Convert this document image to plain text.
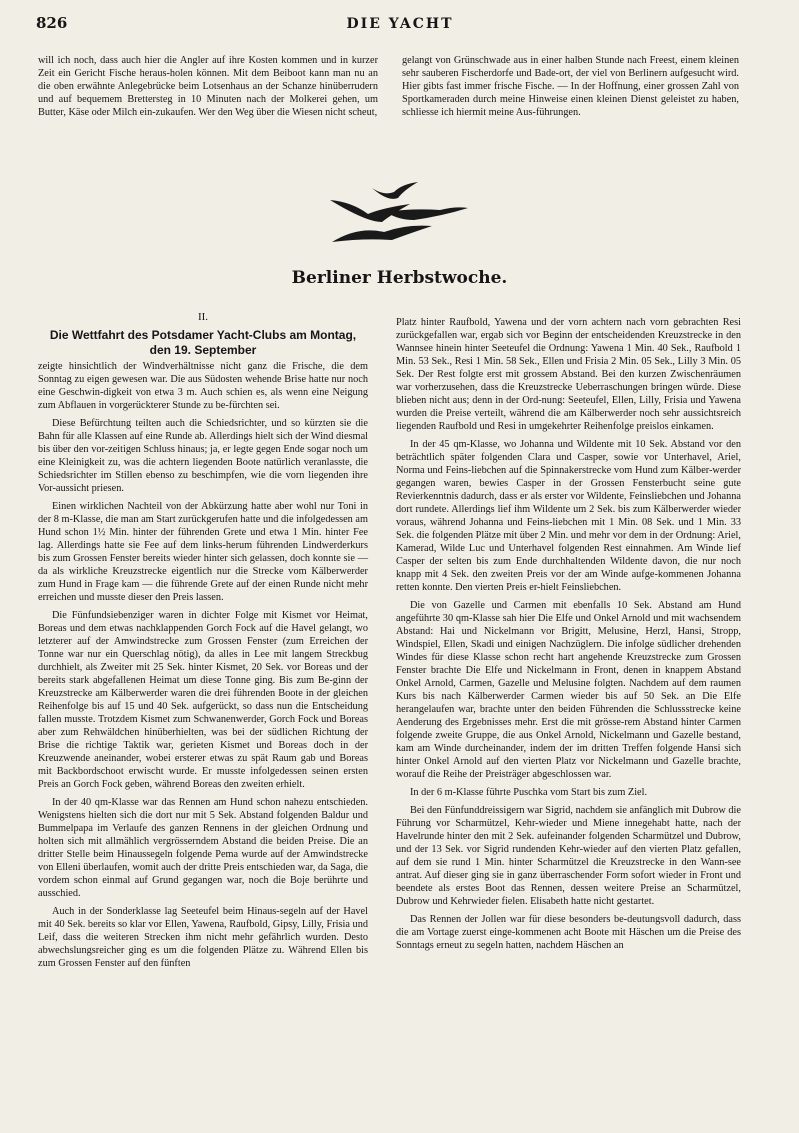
826	DIE YACHT

will ich noch, dass auch hier die Angler auf ihre Kosten kommen und in kurzer Zeit ein Gericht Fische heraus-holen können. Mit dem Beiboot kann man nu an die oben erwähnte Anlegebrücke beim Lotsenhaus an der Schanze hinüberrudern und auf bequemem Brettersteg in 10 Minuten nach der Molkerei gehen, um Butter, Käse oder Milch ein-zukaufen. Wer den Weg über die Wiesen nicht scheut,

gelangt von Grünschwade aus in einer halben Stunde nach Freest, einem kleinen sehr sauberen Fischerdorfe und Bade-ort, der viel von Berlinern aufgesucht wird. Hier gibts fast immer frische Fische. — In der Hoffnung, einer grossen Zahl von Sportkameraden durch meine Hinweise einen kleinen Dienst geleistet zu haben, schliesse ich hiermit meine Aus-führungen.

Berliner Herbstwoche.
II.
Die Wettfahrt des Potsdamer Yacht-Clubs am Montag, den 19. September

zeigte hinsichtlich der Windverhältnisse nicht ganz die Frische, die dem Sonntag zu eigen gewesen war. Die aus Südosten wehende Brise hatte nur noch eine Geschwin-digkeit von etwa 3 m. Auch schien es, als wenn eine Neigung zum Abflauen in vorgerückterer Stunde zu be-fürchten sei.

Diese Befürchtung teilten auch die Schiedsrichter, und so kürzten sie die Bahn für alle Klassen auf eine Runde ab. Allerdings hielt sich der Wind diesmal bis über den vor-zeitigen Schluss hinaus; ja, er legte gegen Ende sogar noch um eine Kleinigkeit zu, was die achtern liegenden Boote natürlich veranlasste, die Schiedsrichter im Stillen ebenso zu beschimpfen, wie die vorn liegenden ihre Vor-aussicht priesen.

Einen wirklichen Nachteil von der Abkürzung hatte aber wohl nur Toni in der 8 m-Klasse, die man am Start zurückgerufen hatte und die infolgedessen am Hund schon 1½ Min. hinter der führenden Grete und etwa 1 Min. hinter Fee lag. Allerdings hatte sie Fee auf dem links-herum führenden Lindwerderkurs bis zum Grossen Fenster bereits wieder hinter sich gelassen, doch konnte sie — da als wirkliche Kreuzstrecke eigentlich nur die Strecke vom Kälberwerder zum Hund in Frage kam — die führende Grete auf der einen Runde nicht mehr erreichen und musste dieser den Preis lassen.

Die Fünfundsiebenziger waren in dichter Folge mit Kismet vor Heimat, Boreas und dem etwas nachklappenden Gorch Fock auf die Havel gelangt, wo letzterer auf der Amwindstrecke zum Grossen Fenster (zum Erreichen der Tonne war nur ein Querschlag nötig), da alles in Lee mit langem Streckbug durchhielt, als Zweiter mit 25 Sek. hinter Kismet, 20 Sek. vor Boreas und der bereits stark abgefallenen Heimat um diese Tonne ging. Bis zum Be-ginn der Kreuzstrecke am Kälberwerder waren die drei führenden Boote in der gleichen Reihenfolge bis auf 15 und 40 Sek. aufgerückt, so dass nun die Entscheidung fallen musste. Trotzdem Kismet zum Schwanenwerder, Gorch Fock und Boreas aber zum Rehwäldchen hinüberhielten, was bei der südlichen Richtung der Brise die richtige Taktik war, gerieten Kismet und Boreas doch in der Kreuzwende aneinander, wobei ersterer etwas zu spät Raum gab und Boreas mit Backbordschoot erwischt wurde. Er musste infolgedessen seinen ersten Preis an Gorch Fock geben, während Boreas den zweiten erhielt.

In der 40 qm-Klasse war das Rennen am Hund schon nahezu entschieden. Wenigstens hielten sich die dort nur mit 5 Sek. Abstand folgenden Baldur und Bummelpapa im Verlaufe des ganzen Rennens in der gleichen Ordnung und holten sich mit allmählich vergrösserndem Abstand die beiden Preise. Die an dritter Stelle beim Hinaussegeln folgende Pema wurde auf der Amwindstrecke von Elleni überlaufen, womit auch der dritte Preis entschieden war, da Saga, die vordem schon einmal auf Grund gegangen war, noch die Boje berührte und ausschied.

Auch in der Sonderklasse lag Seeteufel beim Hinaus-segeln auf der Havel mit 40 Sek. bereits so klar vor Ellen, Yawena, Raufbold, Gipsy, Lilly, Frisia und Leif, dass die weiteren Strecken ihm nicht mehr gefährlich wurden. Desto abwechslungsreicher ging es um die folgenden Plätze zu. Während Ellen bis zum Grossen Fenster auf den fünften

Platz hinter Raufbold, Yawena und der vorn achtern nach vorn gebrachten Resi zurückgefallen war, ergab sich vor Beginn der entscheidenden Kreuzstrecke in den Wannsee hinein hinter Seeteufel die Ordnung: Yawena 1 Min. 40 Sek., Raufbold 1 Min. 53 Sek., Resi 1 Min. 58 Sek., Ellen und Frisia 2 Min. 05 Sek., Lilly 3 Min. 05 Sek. Der Rest folgte erst mit grossem Abstand. Bei den kurzen Zwischenräumen war vorherzusehen, dass die Kreuzstrecke Ueberraschungen bringen würde. Diese blieben nicht aus; denn in der Ord-nung: Seeteufel, Ellen, Lilly, Frisia und Yawena wurden die Preise verteilt, während die am Kälberwerder noch sehr aussichtsreich liegenden Raufbold und Resi in umgekehrter Reihenfolge preislos einkamen.

In der 45 qm-Klasse, wo Johanna und Wildente mit 10 Sek. Abstand vor den beträchtlich später folgenden Clara und Casper, sowie vor Unterhavel, Ariel, Norma und Feins-liebchen auf die Spinnakerstrecke vom Hund zum Kälber-werder gegangen waren, bewies Casper in der Grossen Fensterbucht seine gute Revierkenntnis dadurch, dass er als erster vor Wildente, Feinsliebchen und Johanna dort rundete. Allerdings lief ihm Wildente um 2 Sek. bis zum Kälberwerder wieder voraus, während Johanna und Feins-liebchen mit 1 Min. 08 Sek. und 1 Min. 33 Sek. die folgenden Plätze mit über 2 Min. und mehr vor dem in der Ordnung: Ariel, Kamerad, Wilde Luc und Unterhavel folgenden Rest einnahmen. Am Winde lief Casper der selten bis zum Ende durchhaltenden Wildente davon, die nur noch knapp mit 4 Sek. den zweiten Preis vor der am Winde aufge-kommenen Johanna retten konnte. Den vierten Preis er-hielt Feinsliebchen.

Die von Gazelle und Carmen mit ebenfalls 10 Sek. Abstand am Hund angeführte 30 qm-Klasse sah hier Die Elfe und Onkel Arnold und mit wachsendem Abstand: Hai und Nickelmann vor Brigitt, Melusine, Herzl, Hansi, Stropp, Windspiel, Ellen, Skadi und einigen Nachzüglern. Die infolge südlicher drehenden Windes für diese Klasse schon recht hart angehende Kreuzstrecke zum Grossen Fenster brachte Die Elfe und Nickelmann in Front, denen in knappem Abstand Onkel Arnold, Carmen, Gazelle und Melusine folgten. Nachdem auf dem raumen Kurs bis nach Kälberwerder Carmen wieder bis auf 50 Sek. an Die Elfe herangelaufen war, brachte unter den beiden Führenden die Schlussstrecke keine Aenderung des Ergebnisses mehr. Erst die mit grösse-rem Abstand hinter Carmen folgende zweite Gruppe, die aus Onkel Arnold, Nickelmann und Gazelle bestand, kam am Winde durcheinander, indem der im dritten Treffen folgende Hansi sich hinter Onkel Arnold auf den vierten Platz vor Nickelmann und Gazelle brachte, worauf die Reihe der Preisträger abgeschlossen war.

In der 6 m-Klasse führte Puschka vom Start bis zum Ziel.

Bei den Fünfunddreissigern war Sigrid, nachdem sie anfänglich mit Dubrow die Führung vor Scharmützel, Kehr-wieder und Miene innegehabt hatte, nach der Havelrunde hinter den mit 2 Sek. aufeinander folgenden Scharmützel und Dubrow, und der 13 Sek. vor Sigrid rundenden Kehr-wieder auf den vierten Platz gefallen, auf dem sie rund 1 Min. hinter Scharmützel die Kreuzstrecke in den Wann-see antrat. Auf dieser ging sie in ganz überraschender Form sofort wieder in Front und beendete als erstes Boot das Rennen, dessen weitere Preise an Scharmützel, Dubrow und Kehrwieder fielen. Elisabeth hatte nicht gestartet.

Das Rennen der Jollen war für diese besonders be-deutungsvoll dadurch, dass die am Vortage zuerst einge-kommenen acht Boote mit Häschen um die Preise des Sonntags erneut zu segeln hatten, nachdem Häschen an
